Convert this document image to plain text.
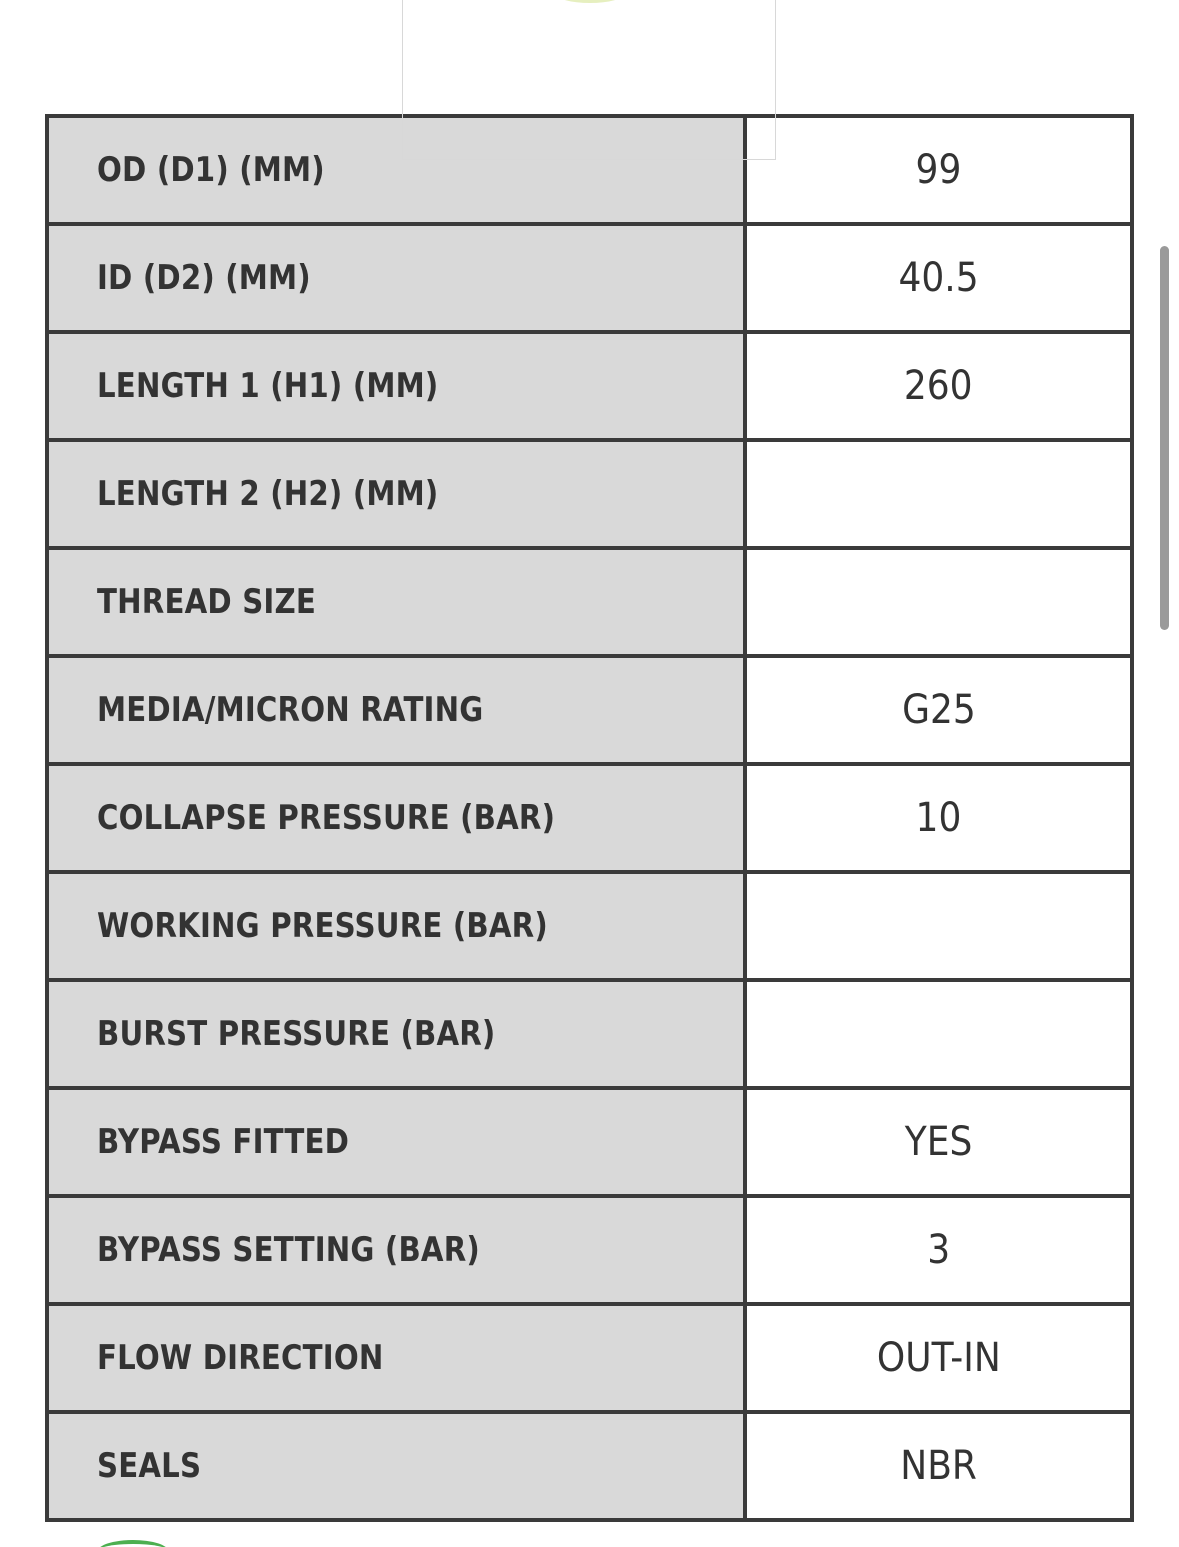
OD (D1) (MM)	99
ID (D2) (MM)	40.5
LENGTH 1 (H1) (MM)	260
LENGTH 2 (H2) (MM)
THREAD SIZE
MEDIA/MICRON RATING	G25
COLLAPSE PRESSURE (BAR)	10
WORKING PRESSURE (BAR)
BURST PRESSURE (BAR)
BYPASS FITTED	YES
BYPASS SETTING (BAR)	3
FLOW DIRECTION	OUT-IN
SEALS	NBR
